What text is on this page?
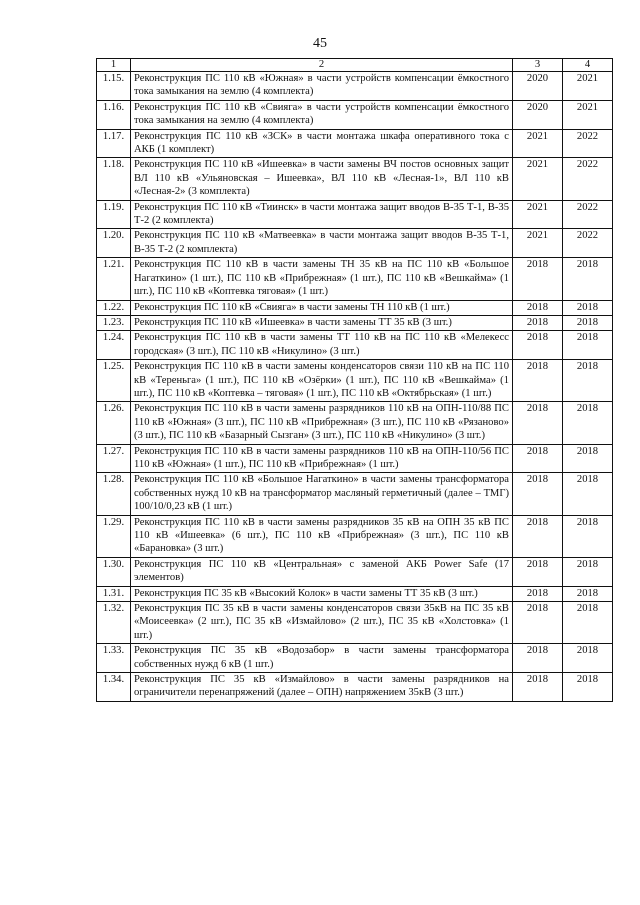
45
1	2	3	4
1.15.	Реконструкция ПС 110 кВ «Южная» в части устройств компенсации ёмкостного тока замыкания на землю (4 комплекта)	2020	2021
1.16.	Реконструкция ПС 110 кВ «Свияга» в части устройств компенсации ёмкостного тока замыкания на землю (4 комплекта)	2020	2021
1.17.	Реконструкция ПС 110 кВ «ЗСК» в части монтажа шкафа оперативного тока с АКБ (1 комплект)	2021	2022
1.18.	Реконструкция ПС 110 кВ «Ишеевка» в части замены ВЧ постов основных защит ВЛ 110 кВ «Ульяновская – Ишеевка», ВЛ 110 кВ «Лесная-1», ВЛ 110 кВ «Лесная-2» (3 комплекта)	2021	2022
1.19.	Реконструкция ПС 110 кВ «Тиинск» в части монтажа защит вводов В-35 Т-1, В-35 Т-2 (2 комплекта)	2021	2022
1.20.	Реконструкция ПС 110 кВ «Матвеевка» в части монтажа защит вводов В-35 Т-1, В-35 Т-2 (2 комплекта)	2021	2022
1.21.	Реконструкция ПС 110 кВ в части замены ТН 35 кВ на ПС 110 кВ «Большое Нагаткино» (1 шт.), ПС 110 кВ «Прибрежная» (1 шт.), ПС 110 кВ «Вешкайма» (1 шт.), ПС 110 кВ «Коптевка тяговая» (1 шт.)	2018	2018
1.22.	Реконструкция ПС 110 кВ «Свияга» в части замены ТН 110 кВ (1 шт.)	2018	2018
1.23.	Реконструкция ПС 110 кВ «Ишеевка» в части замены ТТ 35 кВ (3 шт.)	2018	2018
1.24.	Реконструкция ПС 110 кВ в части замены ТТ 110 кВ на ПС 110 кВ «Мелекесс городская» (3 шт.), ПС 110 кВ «Никулино» (3 шт.)	2018	2018
1.25.	Реконструкция ПС 110 кВ в части замены конденсаторов связи 110 кВ на ПС 110 кВ «Тереньга» (1 шт.), ПС 110 кВ «Озёрки» (1 шт.), ПС 110 кВ «Вешкайма» (1 шт.), ПС 110 кВ «Коптевка – тяговая» (1 шт.), ПС 110 кВ «Октябрьская» (1 шт.)	2018	2018
1.26.	Реконструкция ПС 110 кВ в части замены разрядников 110 кВ на ОПН-110/88 ПС 110 кВ «Южная» (3 шт.), ПС 110 кВ «Прибрежная» (3 шт.), ПС 110 кВ «Рязаново» (3 шт.), ПС 110 кВ «Базарный Сызган» (3 шт.), ПС 110 кВ «Никулино» (3 шт.)	2018	2018
1.27.	Реконструкция ПС 110 кВ в части замены разрядников 110 кВ на ОПН-110/56 ПС 110 кВ «Южная» (1 шт.), ПС 110 кВ «Прибрежная» (1 шт.)	2018	2018
1.28.	Реконструкция ПС 110 кВ «Большое Нагаткино» в части замены трансформатора собственных нужд 10 кВ на трансформатор масляный герметичный (далее – ТМГ) 100/10/0,23 кВ (1 шт.)	2018	2018
1.29.	Реконструкция ПС 110 кВ в части замены разрядников 35 кВ на ОПН 35 кВ ПС 110 кВ «Ишеевка» (6 шт.), ПС 110 кВ «Прибрежная» (3 шт.), ПС 110 кВ «Барановка» (3 шт.)	2018	2018
1.30.	Реконструкция ПС 110 кВ «Центральная» с заменой АКБ Power Safe (17 элементов)	2018	2018
1.31.	Реконструкция ПС 35 кВ «Высокий Колок» в части замены ТТ 35 кВ (3 шт.)	2018	2018
1.32.	Реконструкция ПС 35 кВ в части замены конденсаторов связи 35кВ на ПС 35 кВ «Моисеевка» (2 шт.), ПС 35 кВ «Измайлово» (2 шт.), ПС 35 кВ «Холстовка» (1 шт.)	2018	2018
1.33.	Реконструкция ПС 35 кВ «Водозабор» в части замены трансформатора собственных нужд 6 кВ (1 шт.)	2018	2018
1.34.	Реконструкция ПС 35 кВ «Измайлово» в части замены разрядников на ограничители перенапряжений (далее – ОПН) напряжением 35кВ (3 шт.)	2018	2018
